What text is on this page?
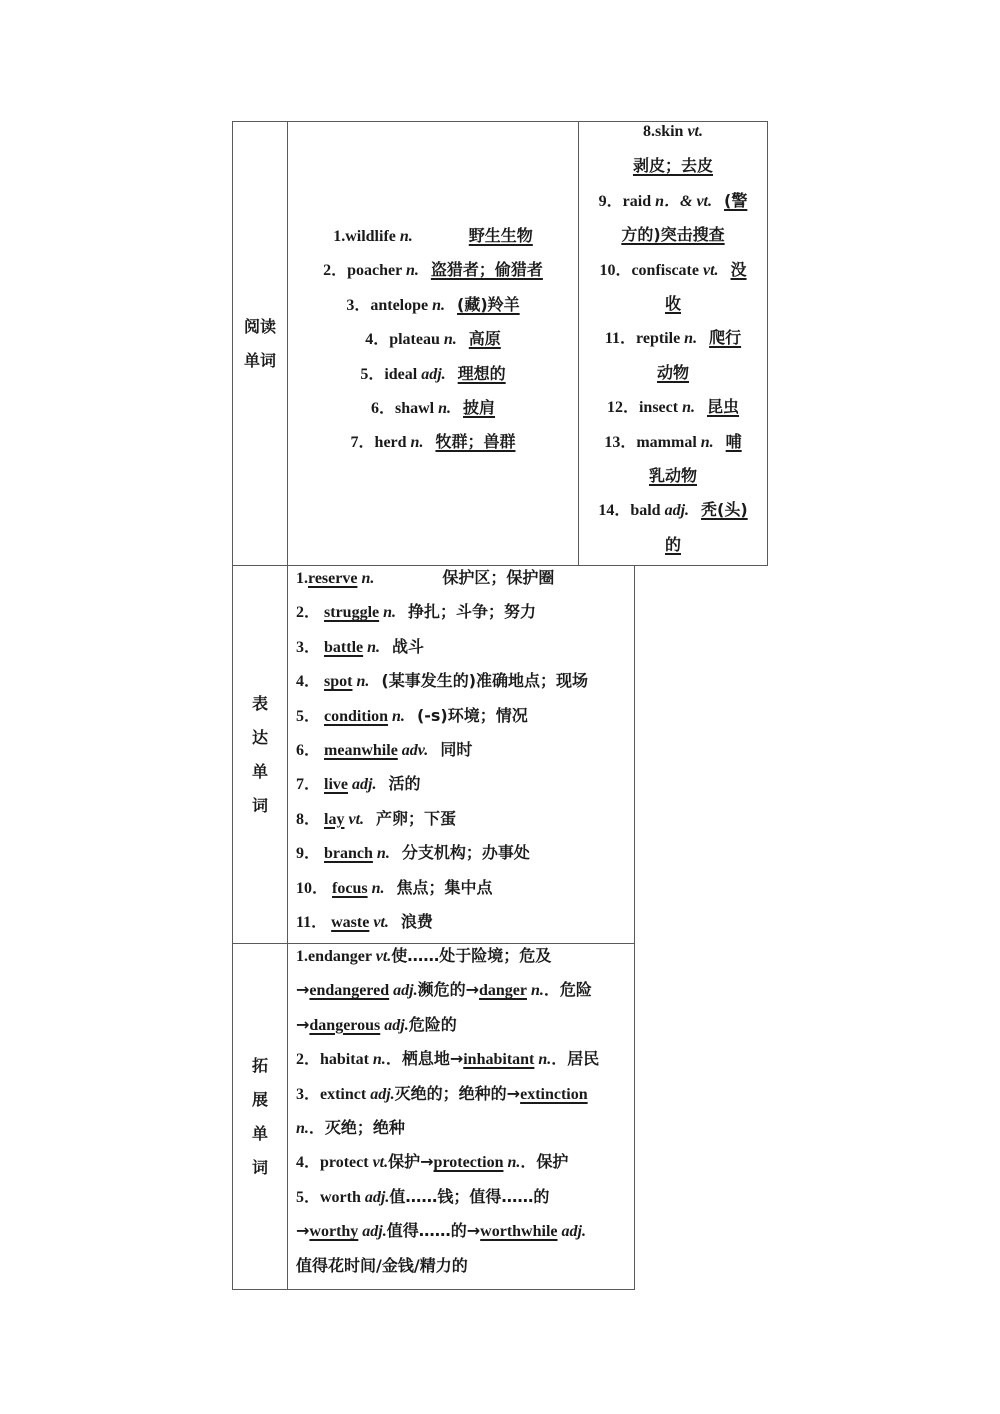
阅读
单词
表
达
单
词
拓
展
单
词
1.wildlife n.	野生生物
2．poacher n. 盗猎者；偷猎者
3．antelope n. (藏)羚羊
4．plateau n. 高原
5．ideal adj. 理想的
6．shawl n. 披肩
7．herd n. 牧群；兽群
8.skin vt.
剥皮；去皮
9．raid n．& vt. (警
方的)突击搜查
10．confiscate vt. 没
收
11．reptile n. 爬行
动物
12．insect n. 昆虫
13．mammal n. 哺
乳动物
14．bald adj. 秃(头)
的
1.reserve n.	保护区；保护圈
2． struggle n. 挣扎；斗争；努力
3． battle n. 战斗
4． spot n. (某事发生的)准确地点；现场
5． condition n. (-s)环境；情况
6． meanwhile adv. 同时
7． live adj. 活的
8． lay vt. 产卵；下蛋
9． branch n. 分支机构；办事处
10． focus n. 焦点；集中点
11． waste vt. 浪费
1.endanger vt.使……处于险境；危及
→endangered adj.濒危的→danger n.．危险
→dangerous adj.危险的
2．habitat n.．栖息地→inhabitant n.．居民
3．extinct adj.灭绝的；绝种的→extinction
n.．灭绝；绝种
4．protect vt.保护→protection n.．保护
5．worth adj.值……钱；值得……的
→worthy adj.值得……的→worthwhile adj.
值得花时间/金钱/精力的
